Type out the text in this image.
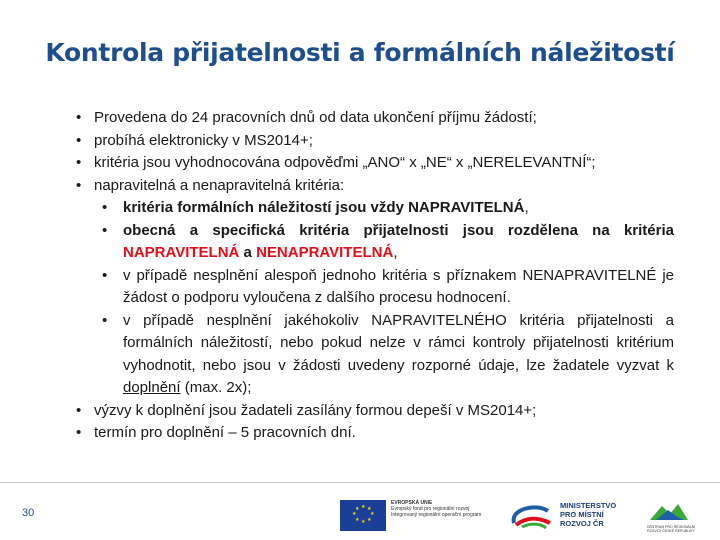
Kontrola přijatelnosti a formálních náležitostí
• Provedena do 24 pracovních dnů od data ukončení příjmu žádostí;
• probíhá elektronicky v MS2014+;
• kritéria jsou vyhodnocována odpověďmi „ANO“ x „NE“ x „NERELEVANTNÍ“;
• napravitelná a nenapravitelná kritéria:
• kritéria formálních náležitostí jsou vždy NAPRAVITELNÁ,
• obecná a specifická kritéria přijatelnosti jsou rozdělena na kritéria NAPRAVITELNÁ a NENAPRAVITELNÁ,
• v případě nesplnění alespoň jednoho kritéria s příznakem NENAPRAVITELNÉ je žádost o podporu vyloučena z dalšího procesu hodnocení.
• v případě nesplnění jakéhokoliv NAPRAVITELNÉHO kritéria přijatelnosti a formálních náležitostí, nebo pokud nelze v rámci kontroly přijatelnosti kritérium vyhodnotit, nebo jsou v žádosti uvedeny rozporné údaje, lze žadatele vyzvat k doplnění (max. 2x);
• výzvy k doplnění jsou žadateli zasílány formou depeší v MS2014+;
• termín pro doplnění – 5 pracovních dní.
30	★ ★
★
★
★
★
★
★
EVROPSKÁ UNIE
Evropský fond pro regionální rozvoj
Integrovaný regionální operační program
MINISTERSTVO
PRO MÍSTNÍ
ROZVOJ ČR	CENTRUM PRO REGIONÁLNÍ ROZVOJ ČESKÉ REPUBLIKY
